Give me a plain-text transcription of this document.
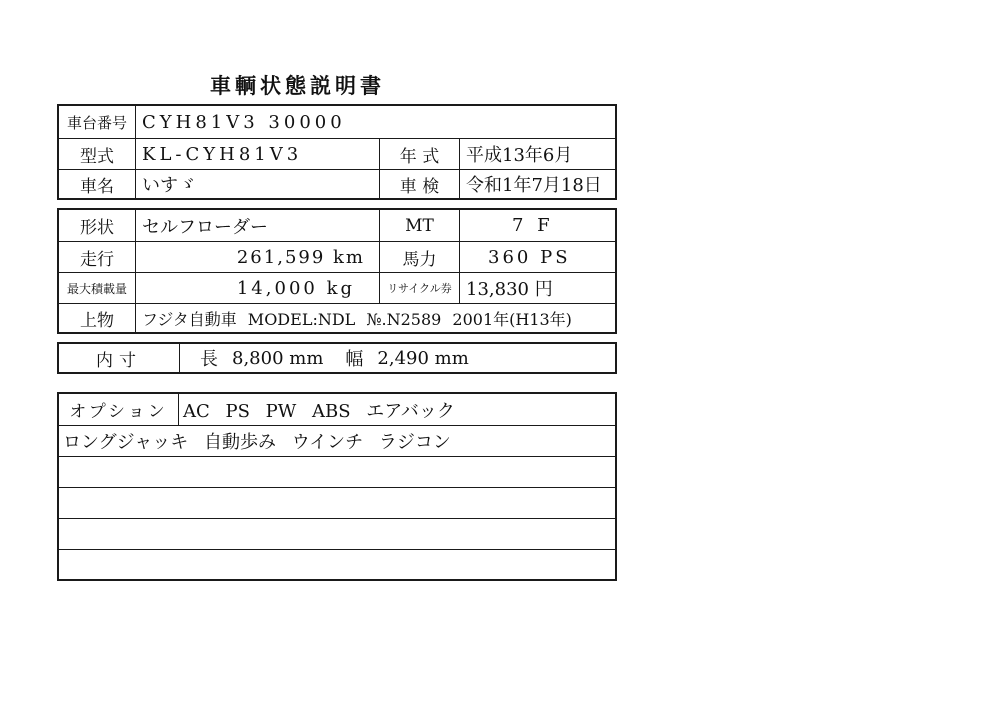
車輌状態説明書
車台番号 CYH81V3 30000
型式	KL-CYH81V3	年 式	平成13年6月
車名	いすゞ	車 検	令和1年7月18日
形状	セルフローダー	MT	7 F
走行	261,599 km	馬力	360 PS
最大積載量	14,000 kg	リサイクル券 13,830 円
上物	フジタ自動車 MODEL:NDL №.N2589 2001年(H13年)
内寸	長 8,800 mm 幅 2,490 mm
オプション AC PS PW ABS エアバック
ロングジャッキ 自動歩み ウインチ ラジコン
